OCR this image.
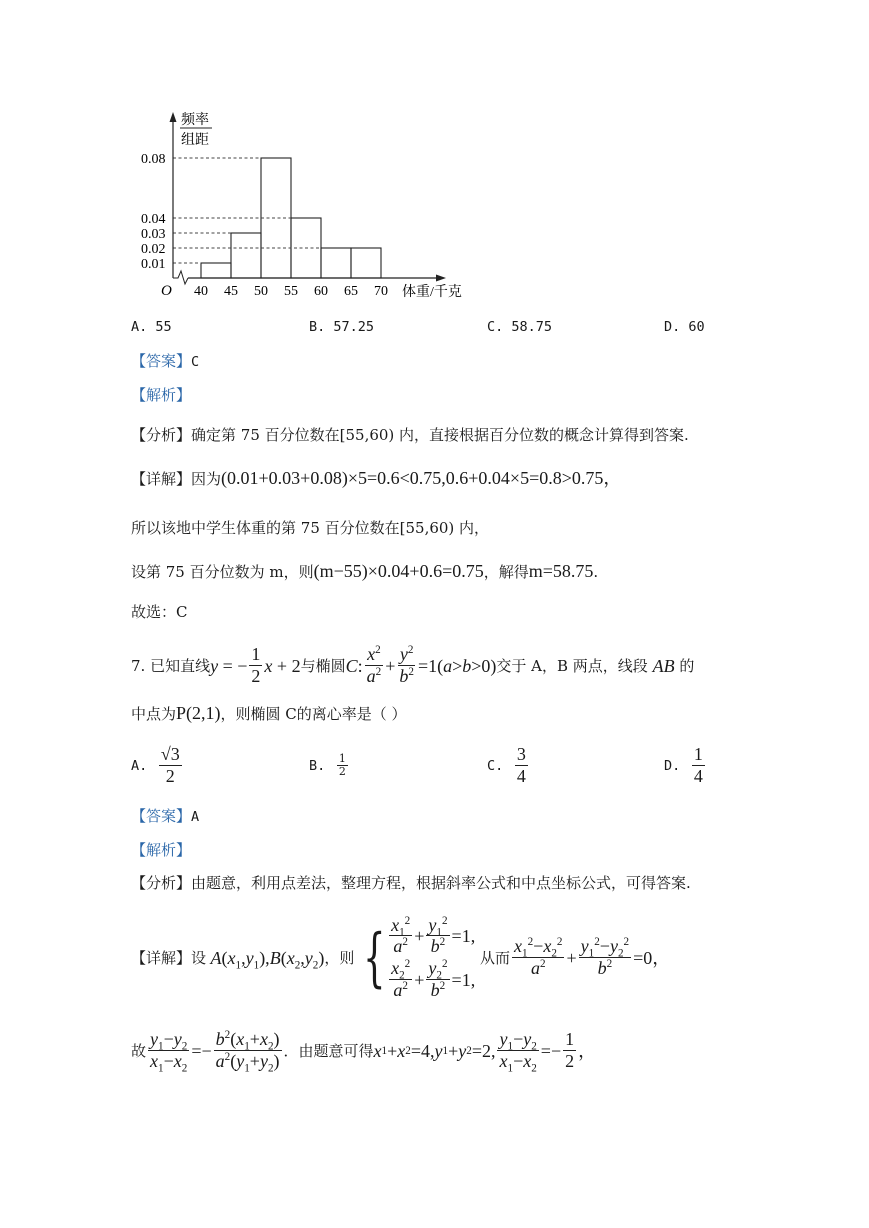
频率
组距
O	体重/千克
40 45 50 55 60 65 70
0.01
0.02
0.03
0.04
0.08
A. 55	B. 57.25	C. 58.75	D. 60
【答案】C
【解析】
【分析】确定第 75 百分位数在[55,60) 内，直接根据百分位数的概念计算得到答案.
【详解】因为(0.01+0.03+0.08)×5=0.6<0.75,0.6+0.04×5=0.8>0.75，
所以该地中学生体重的第 75 百分位数在[55,60) 内，
设第 75 百分位数为 m，则(m−55)×0.04+0.6=0.75，解得m=58.75.
故选：C
7.
已知直线 y = − $\frac{1}{2}$ x + 2 与椭圆 C : $\frac{x^2}{a^2} + \frac{y^2}{b^2} =1$( a > b >0) 交于 A，B 两点，线段
AB
的
中点为P(2,1)，则椭圆 C的离心率是（ ）
A.
$\frac{√3}{2}$	B.
$\frac{1}{2}$	C.
$\frac{3}{4}$	D.
$\frac{1}{4}$
【答案】A
【解析】
【分析】由题意，利用点差法，整理方程，根据斜率公式和中点坐标公式，可得答案.
【详解】 设 $A(x_1,y_1),B(x_2,y_2)$ ，则 { $\frac{x_1^2}{a^2} + \frac{y_1^2}{b^2} =1$,
$\frac{x_2^2}{a^2} + \frac{y_2^2}{b^2} =1$,

从而 $\frac{x_1^2-x_2^2}{a^2} + \frac{y_1^2-y_2^2}{b^2} =0$，
故 $\frac{y_1-y_2}{x_1-x_2} =- \frac{b^2(x_1+x_2)}{a^2(y_1+y_2)}$ ．由题意可得 x 1 + x 2 =4, y 1 + y 2 =2, $\frac{y_1-y_2}{x_1-x_2} =- \frac{1}{2}$ ，
